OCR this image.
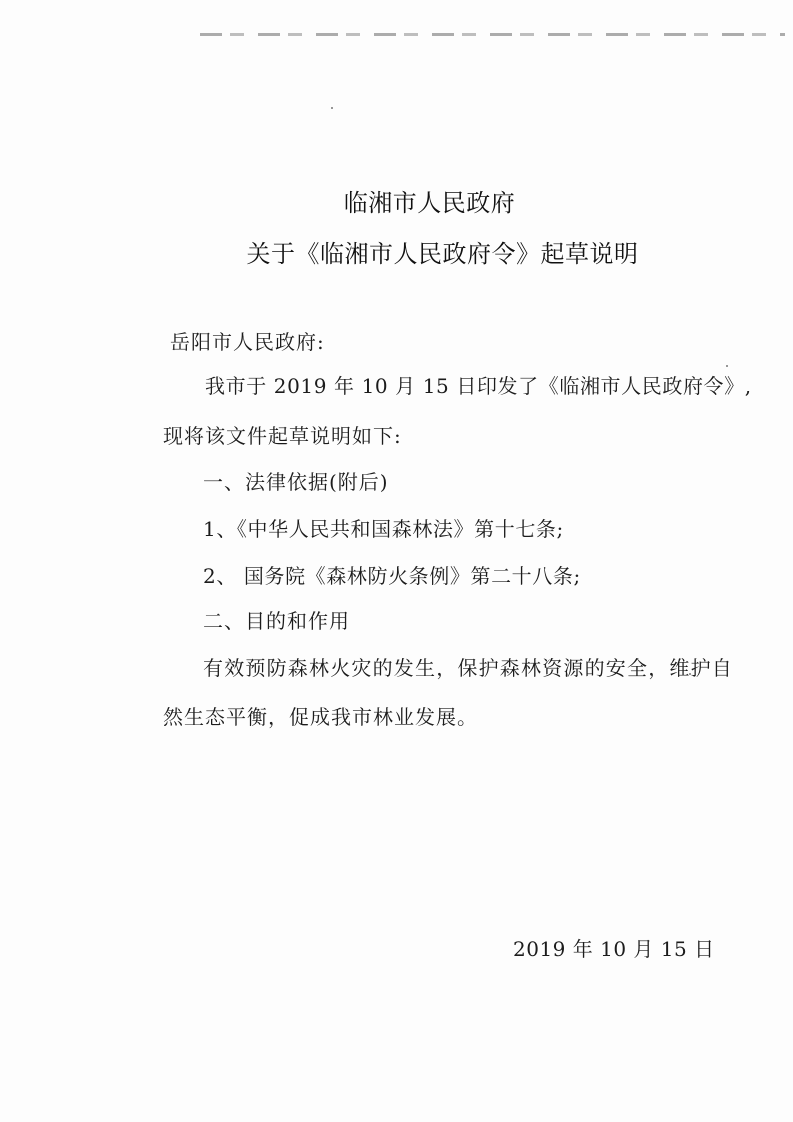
临湘市人民政府
关于《临湘市人民政府令》起草说明
岳阳市人民政府:
我市于 2019 年 10 月 15 日印发了《临湘市人民政府令》,
现将该文件起草说明如下:
一、法律依据(附后)
1、《中华人民共和国森林法》第十七条;
2、 国务院《森林防火条例》第二十八条;
二、目的和作用
有效预防森林火灾的发生，保护森林资源的安全，维护自
然生态平衡，促成我市林业发展。
2019 年 10 月 15 日
